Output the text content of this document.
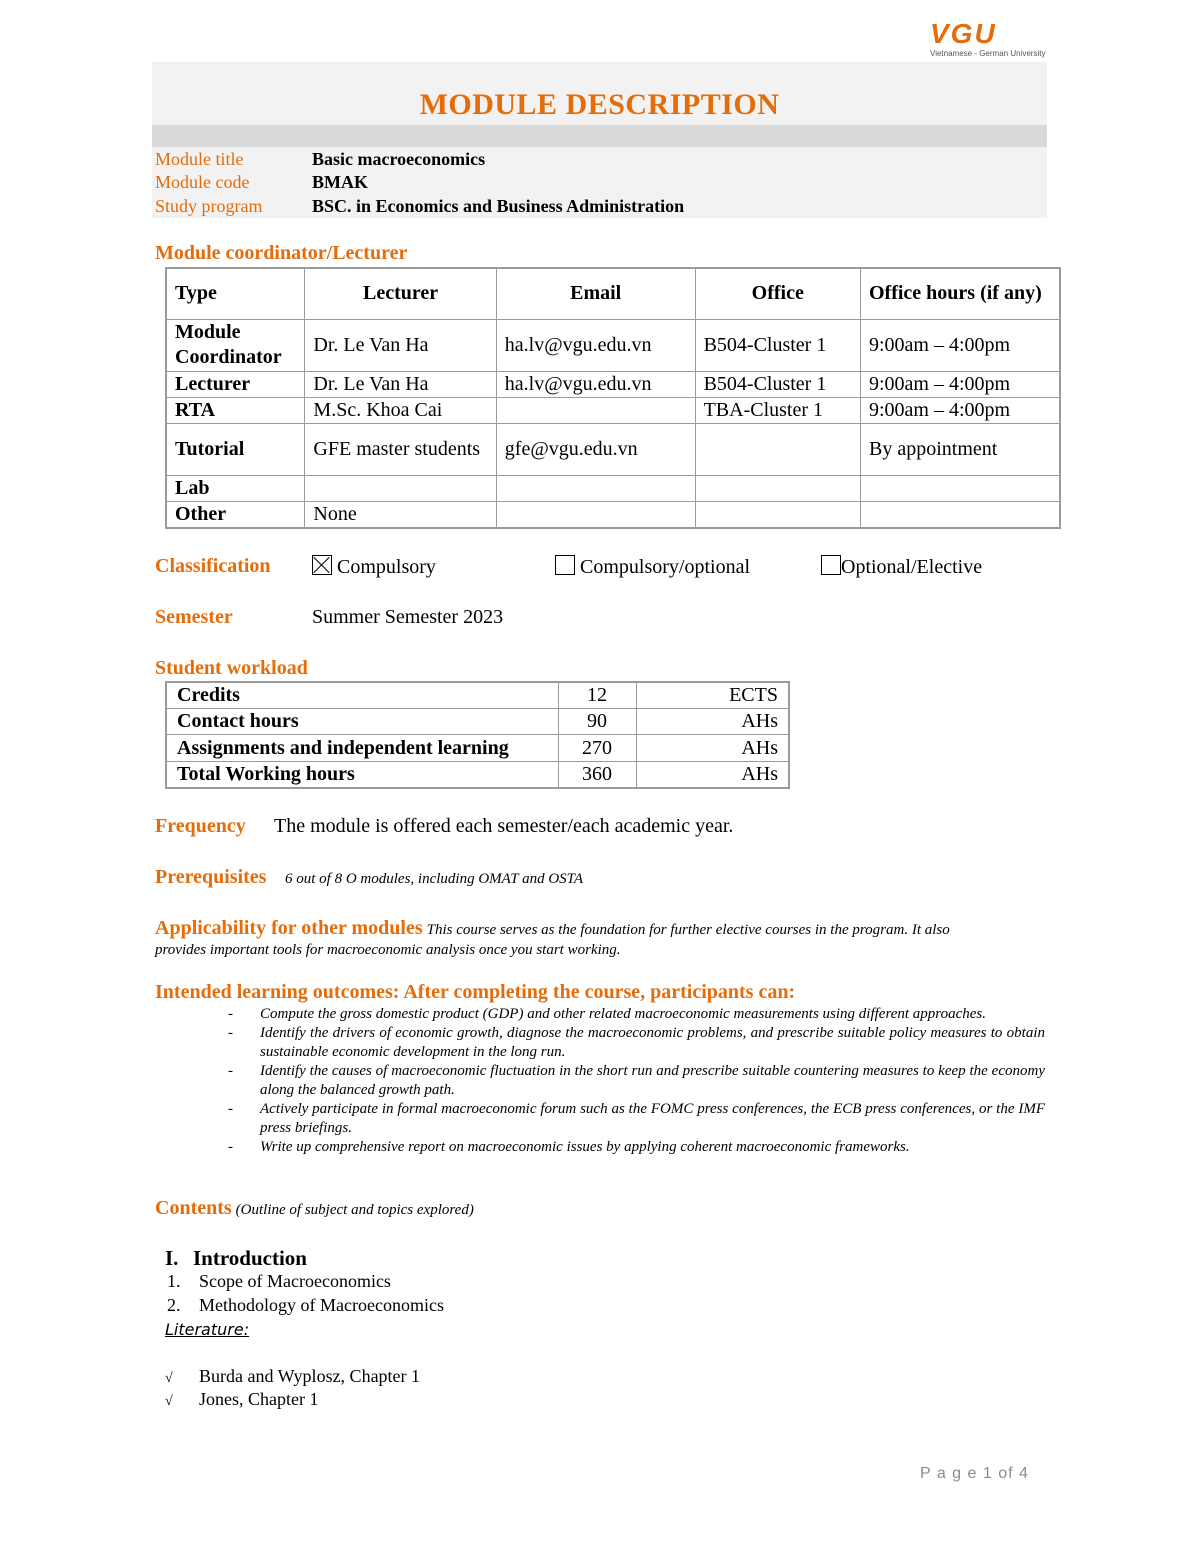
VGU
Vietnamese - German University
MODULE DESCRIPTION
Module title	Basic macroeconomics
Module code	BMAK
Study program	BSC. in Economics and Business Administration
Module coordinator/Lecturer
Type	Lecturer	Email	Office	Office hours (if any)
Module Coordinator	Dr. Le Van Ha	ha.lv@vgu.edu.vn	B504-Cluster 1	9:00am – 4:00pm
Lecturer	Dr. Le Van Ha	ha.lv@vgu.edu.vn	B504-Cluster 1	9:00am – 4:00pm
RTA	M.Sc. Khoa Cai		TBA-Cluster 1	9:00am – 4:00pm
Tutorial	GFE master students	gfe@vgu.edu.vn		By appointment
Lab				
Other	None			
Classification	Compulsory	Compulsory/optional	Optional/Elective
Semester	Summer Semester 2023
Student workload
Credits	12	ECTS
Contact hours	90	AHs
Assignments and independent learning	270	AHs
Total Working hours	360	AHs
Frequency The module is offered each semester/each academic year.
Prerequisites 6 out of 8 O modules, including OMAT and OSTA
Applicability for other modules This course serves as the foundation for further elective courses in the program. It also
provides important tools for macroeconomic analysis once you start working.
Intended learning outcomes: After completing the course, participants can:
- Compute the gross domestic product (GDP) and other related macroeconomic measurements using different approaches.
- Identify the drivers of economic growth, diagnose the macroeconomic problems, and prescribe suitable policy measures to obtain sustainable economic development in the long run.
- Identify the causes of macroeconomic fluctuation in the short run and prescribe suitable countering measures to keep the economy along the balanced growth path.
- Actively participate in formal macroeconomic forum such as the FOMC press conferences, the ECB press conferences, or the IMF press briefings.
- Write up comprehensive report on macroeconomic issues by applying coherent macroeconomic frameworks.
Contents (Outline of subject and topics explored)
I. Introduction
1. Scope of Macroeconomics
2. Methodology of Macroeconomics
Literature:
√ Burda and Wyplosz, Chapter 1
√ Jones, Chapter 1
P a g e 1 of 4
